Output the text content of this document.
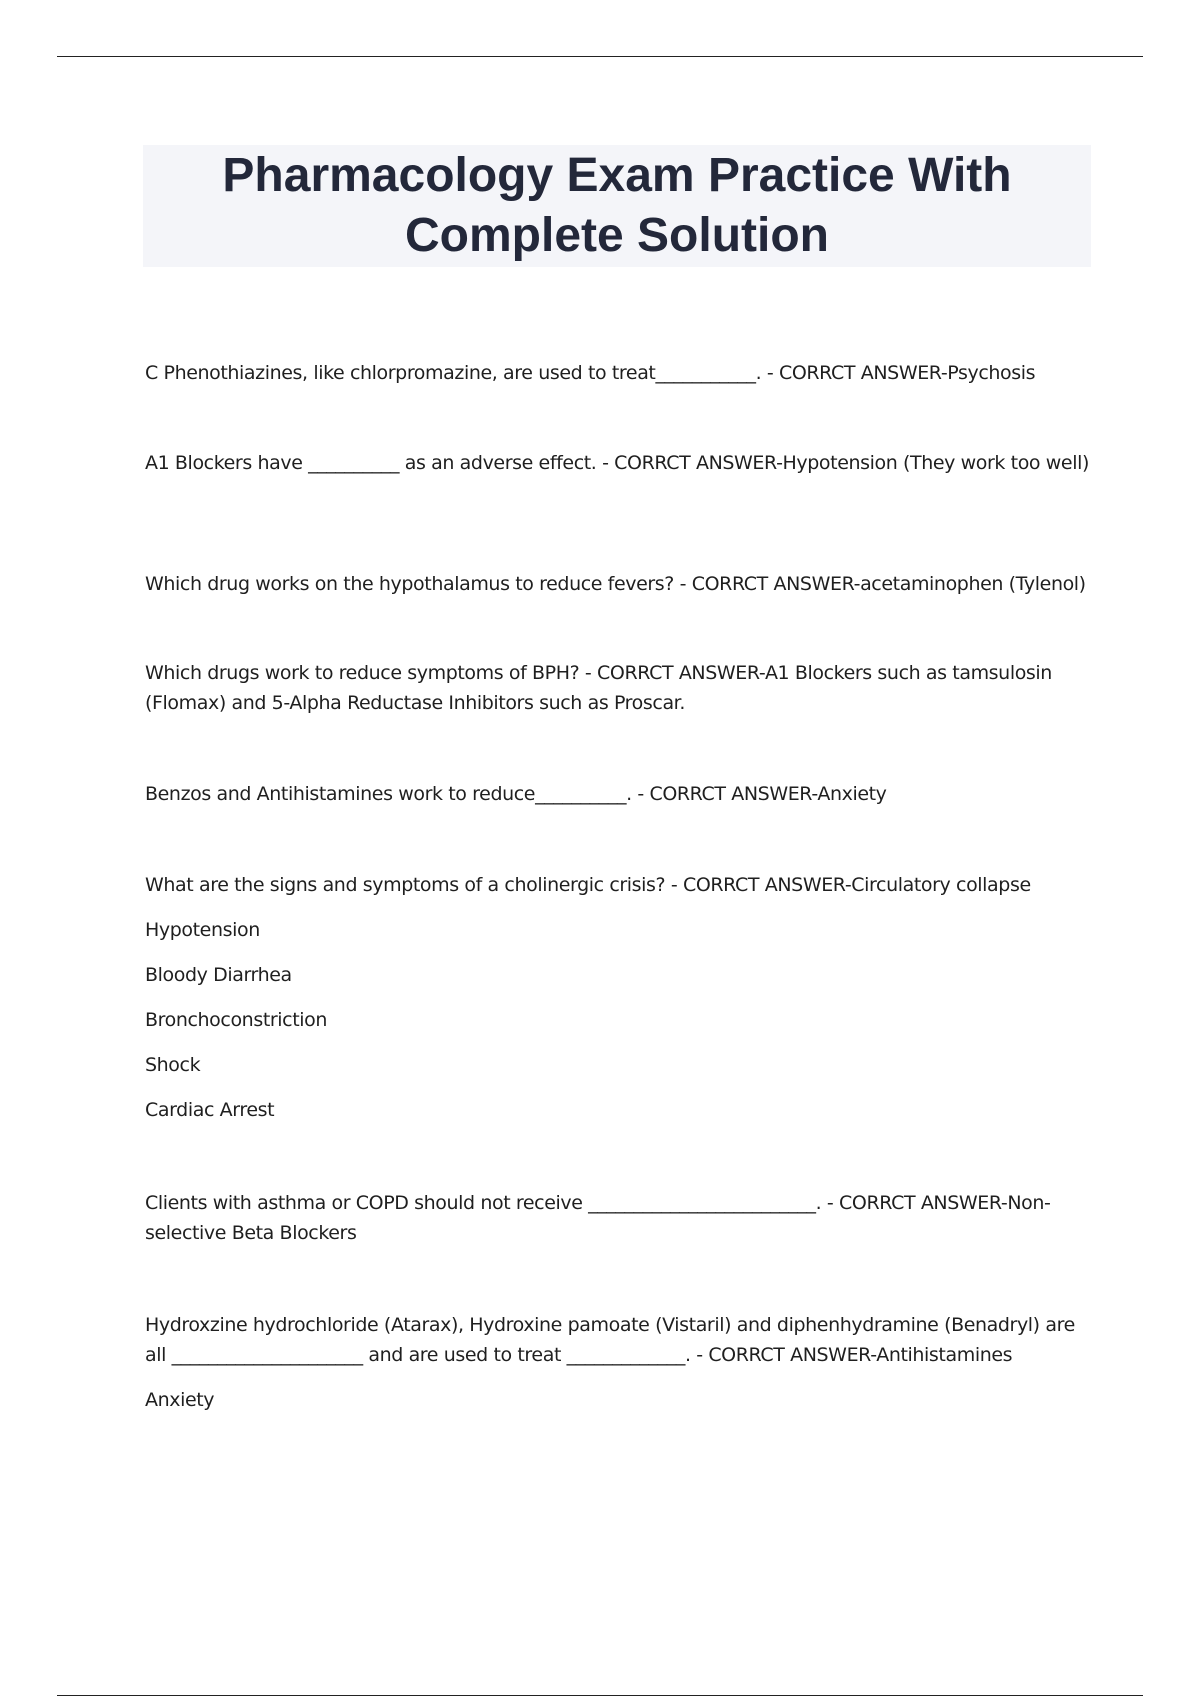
Pharmacology Exam Practice With
Complete Solution

C Phenothiazines, like chlorpromazine, are used to treat___________. - CORRCT ANSWER-Psychosis

A1 Blockers have __________ as an adverse effect. - CORRCT ANSWER-Hypotension (They work too well)

Which drug works on the hypothalamus to reduce fevers? - CORRCT ANSWER-acetaminophen (Tylenol)

Which drugs work to reduce symptoms of BPH? - CORRCT ANSWER-A1 Blockers such as tamsulosin (Flomax) and 5-Alpha Reductase Inhibitors such as Proscar.

Benzos and Antihistamines work to reduce__________. - CORRCT ANSWER-Anxiety

What are the signs and symptoms of a cholinergic crisis? - CORRCT ANSWER-Circulatory collapse

Hypotension

Bloody Diarrhea

Bronchoconstriction

Shock

Cardiac Arrest

Clients with asthma or COPD should not receive _________________________. - CORRCT ANSWER-Non-selective Beta Blockers

Hydroxzine hydrochloride (Atarax), Hydroxine pamoate (Vistaril) and diphenhydramine (Benadryl) are all _____________________ and are used to treat _____________. - CORRCT ANSWER-Antihistamines

Anxiety
